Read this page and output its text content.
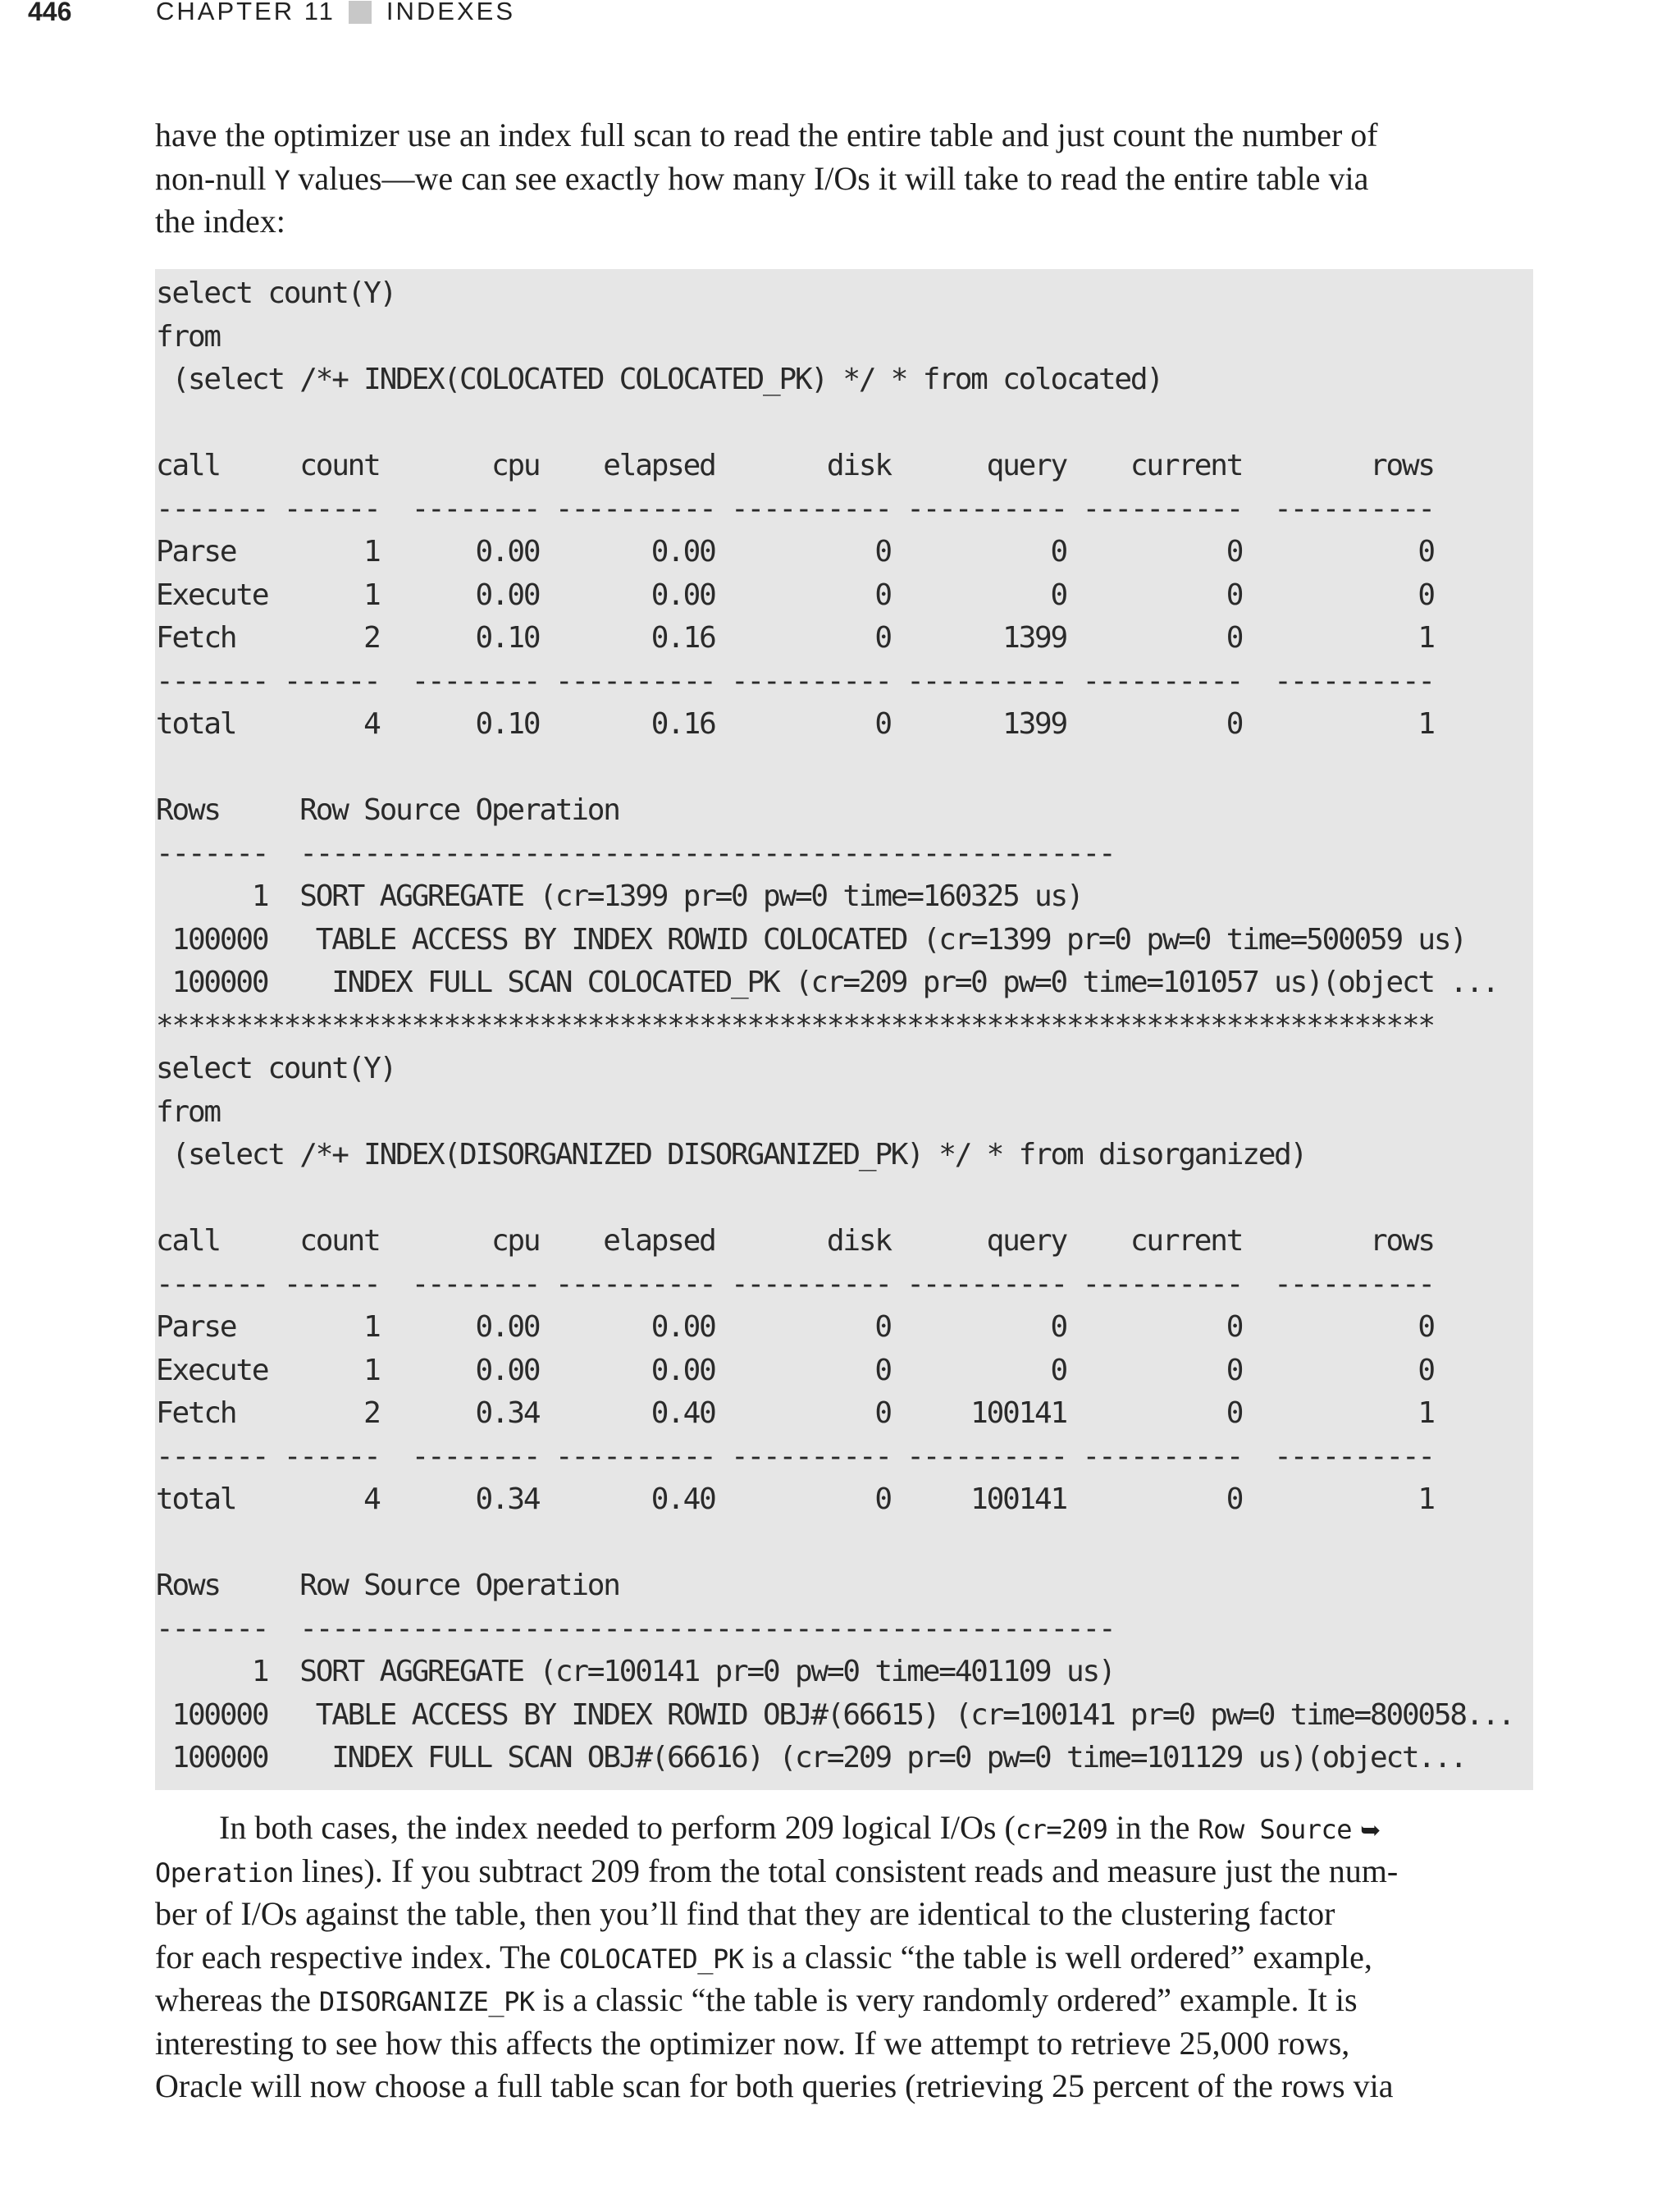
446	CHAPTER 11 INDEXES
have the optimizer use an index full scan to read the entire table and just count the number of
non-null Y values—we can see exactly how many I/Os it will take to read the entire table via
the index:
select count(Y)
from
(select /*+ INDEX(COLOCATED COLOCATED_PK) */ * from colocated)

call     count       cpu    elapsed       disk      query    current        rows
------- ------  -------- ---------- ---------- ---------- ----------  ----------
Parse        1      0.00       0.00          0          0          0           0
Execute      1      0.00       0.00          0          0          0           0
Fetch        2      0.10       0.16          0       1399          0           1
------- ------  -------- ---------- ---------- ---------- ----------  ----------
total        4      0.10       0.16          0       1399          0           1

Rows     Row Source Operation
-------  ---------------------------------------------------
1  SORT AGGREGATE (cr=1399 pr=0 pw=0 time=160325 us)
100000   TABLE ACCESS BY INDEX ROWID COLOCATED (cr=1399 pr=0 pw=0 time=500059 us)
100000    INDEX FULL SCAN COLOCATED_PK (cr=209 pr=0 pw=0 time=101057 us)(object ...
********************************************************************************
select count(Y)
from
(select /*+ INDEX(DISORGANIZED DISORGANIZED_PK) */ * from disorganized)

call     count       cpu    elapsed       disk      query    current        rows
------- ------  -------- ---------- ---------- ---------- ----------  ----------
Parse        1      0.00       0.00          0          0          0           0
Execute      1      0.00       0.00          0          0          0           0
Fetch        2      0.34       0.40          0     100141          0           1
------- ------  -------- ---------- ---------- ---------- ----------  ----------
total        4      0.34       0.40          0     100141          0           1

Rows     Row Source Operation
-------  ---------------------------------------------------
1  SORT AGGREGATE (cr=100141 pr=0 pw=0 time=401109 us)
100000   TABLE ACCESS BY INDEX ROWID OBJ#(66615) (cr=100141 pr=0 pw=0 time=800058...
100000    INDEX FULL SCAN OBJ#(66616) (cr=209 pr=0 pw=0 time=101129 us)(object...
In both cases, the index needed to perform 209 logical I/Os (cr=209 in the Row Source ➥
Operation lines). If you subtract 209 from the total consistent reads and measure just the num-
ber of I/Os against the table, then you’ll find that they are identical to the clustering factor
for each respective index. The COLOCATED_PK is a classic “the table is well ordered” example,
whereas the DISORGANIZE_PK is a classic “the table is very randomly ordered” example. It is
interesting to see how this affects the optimizer now. If we attempt to retrieve 25,000 rows,
Oracle will now choose a full table scan for both queries (retrieving 25 percent of the rows via
